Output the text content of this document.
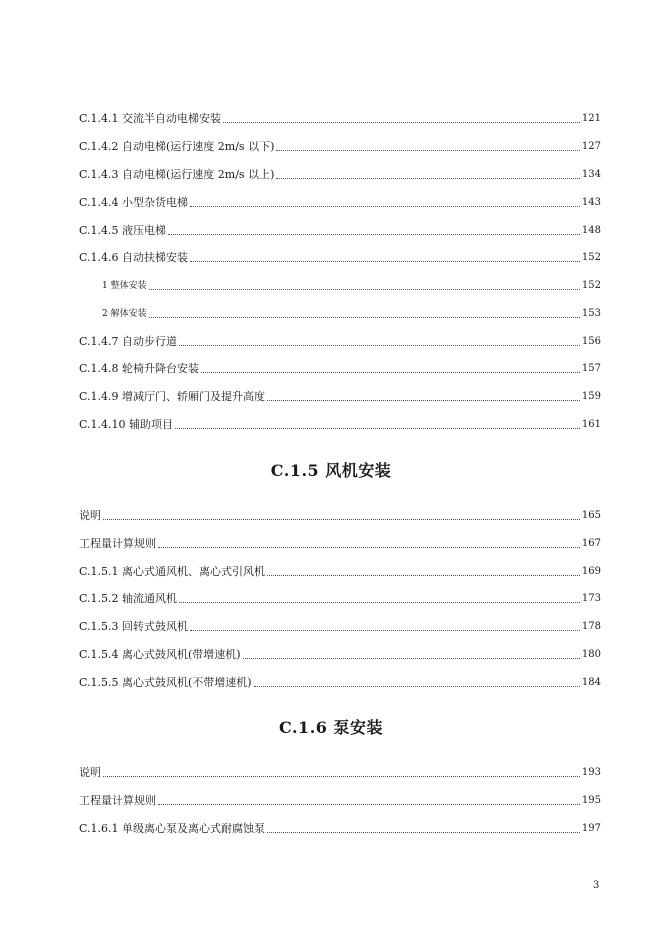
C.1.4.1 交流半自动电梯安装	121
C.1.4.2 自动电梯(运行速度 2m/s 以下)	127
C.1.4.3 自动电梯(运行速度 2m/s 以上)	134
C.1.4.4 小型杂货电梯	143
C.1.4.5 液压电梯	148
C.1.4.6 自动扶梯安装	152
1 整体安装	152
2 解体安装	153
C.1.4.7 自动步行道	156
C.1.4.8 轮椅升降台安装	157
C.1.4.9 增减厅门、轿厢门及提升高度	159
C.1.4.10 辅助项目	161
C.1.5 风机安装
说明	165
工程量计算规则	167
C.1.5.1 离心式通风机、离心式引风机	169
C.1.5.2 轴流通风机	173
C.1.5.3 回转式鼓风机	178
C.1.5.4 离心式鼓风机(带增速机)	180
C.1.5.5 离心式鼓风机(不带增速机)	184
C.1.6 泵安装
说明	193
工程量计算规则	195
C.1.6.1 单级离心泵及离心式耐腐蚀泵	197
3
